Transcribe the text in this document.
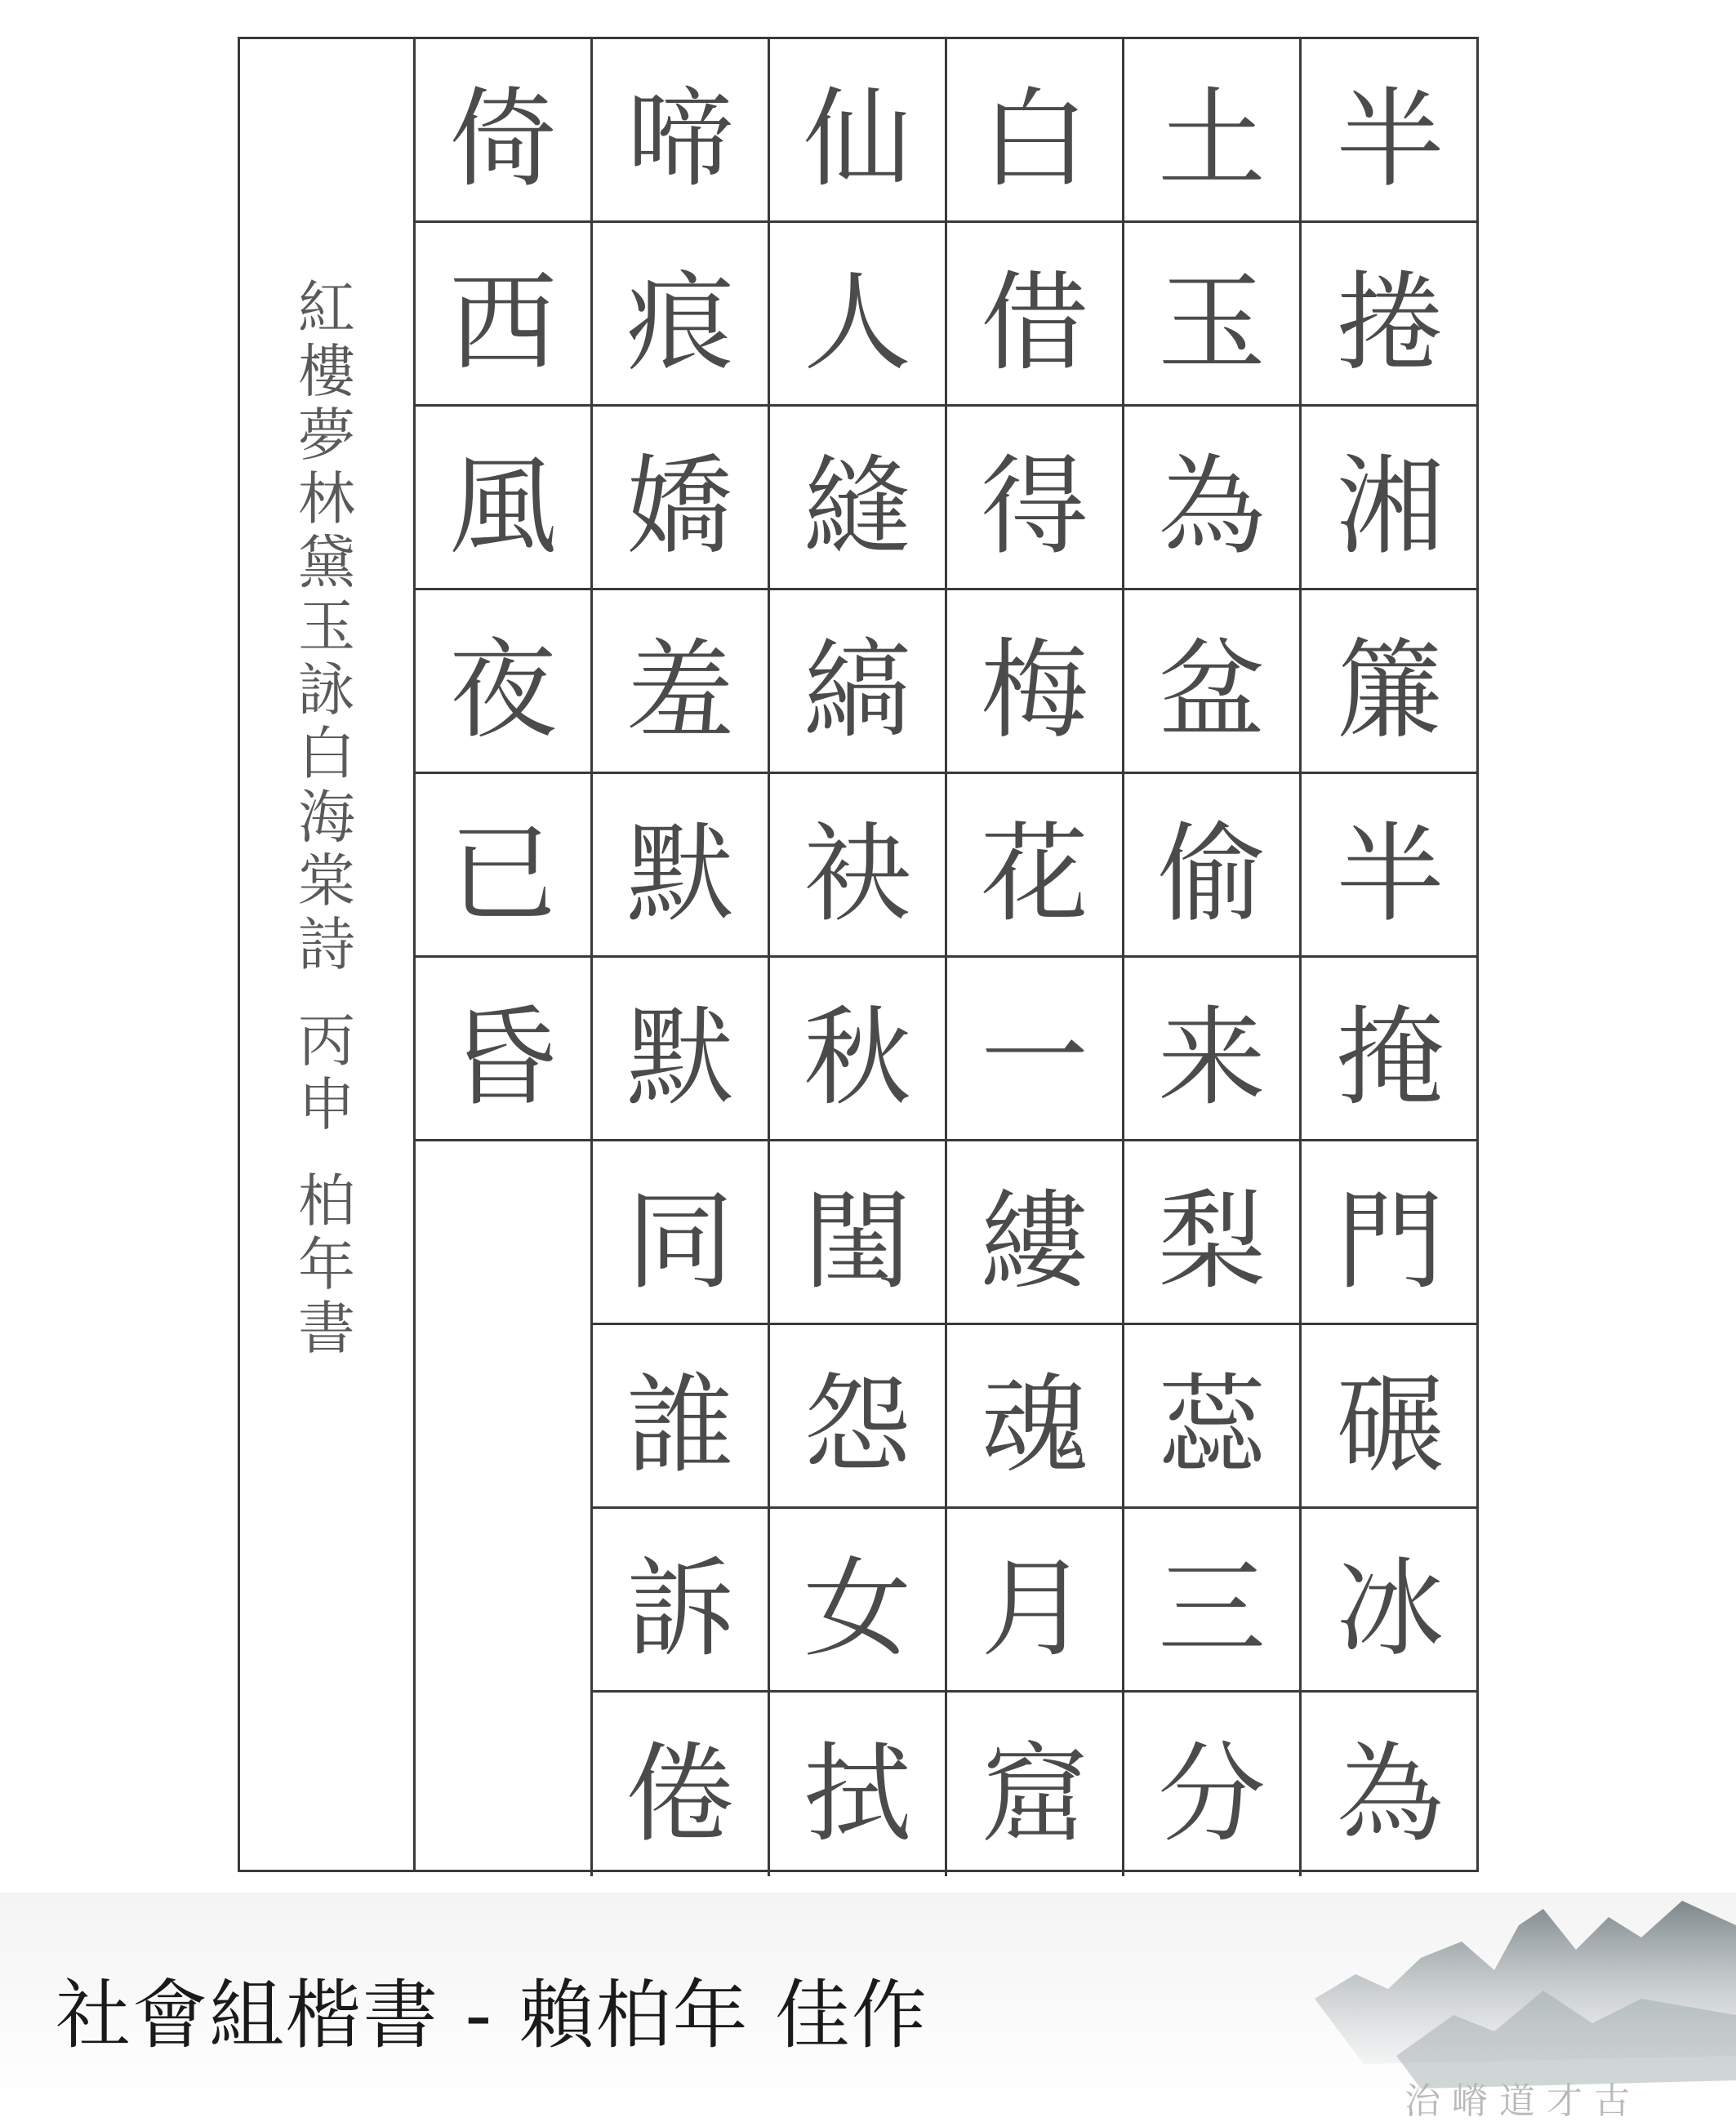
紅
樓
夢
林
黛
玉
詠
白
海
棠
詩
丙
申
柏
年
書
倚
西
風
夜
已
昏
啼
痕
嬌
羞
默
默
同
誰
訴
倦
仙
人
縫
縞
袂
秋
閨
怨
女
拭
白
借
得
梅
花
一
縷
魂
月
窟
土
玉
為
盆
偷
来
梨
蕊
三
分
半
捲
湘
簾
半
掩
門
碾
冰
為
治 嵴 道 才 古
社會組楷書 - 賴柏年 佳作
